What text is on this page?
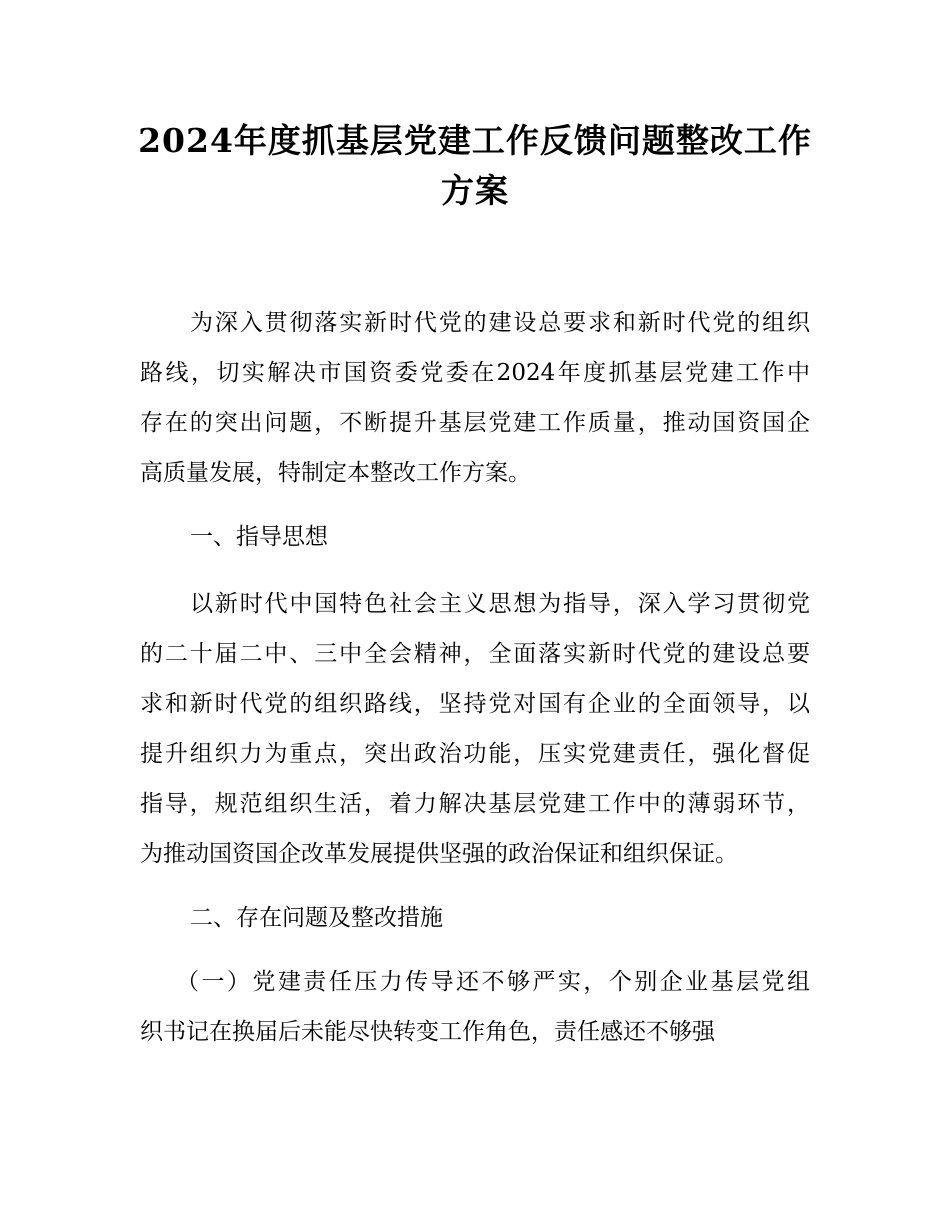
2024年度抓基层党建工作反馈问题整改工作
方案
为深入贯彻落实新时代党的建设总要求和新时代党的组织
路线，切实解决市国资委党委在2024年度抓基层党建工作中
存在的突出问题，不断提升基层党建工作质量，推动国资国企
高质量发展，特制定本整改工作方案。
一、指导思想
以新时代中国特色社会主义思想为指导，深入学习贯彻党
的二十届二中、三中全会精神，全面落实新时代党的建设总要
求和新时代党的组织路线，坚持党对国有企业的全面领导，以
提升组织力为重点，突出政治功能，压实党建责任，强化督促
指导，规范组织生活，着力解决基层党建工作中的薄弱环节，
为推动国资国企改革发展提供坚强的政治保证和组织保证。
二、存在问题及整改措施
（一）党建责任压力传导还不够严实，个别企业基层党组
织书记在换届后未能尽快转变工作角色，责任感还不够强
